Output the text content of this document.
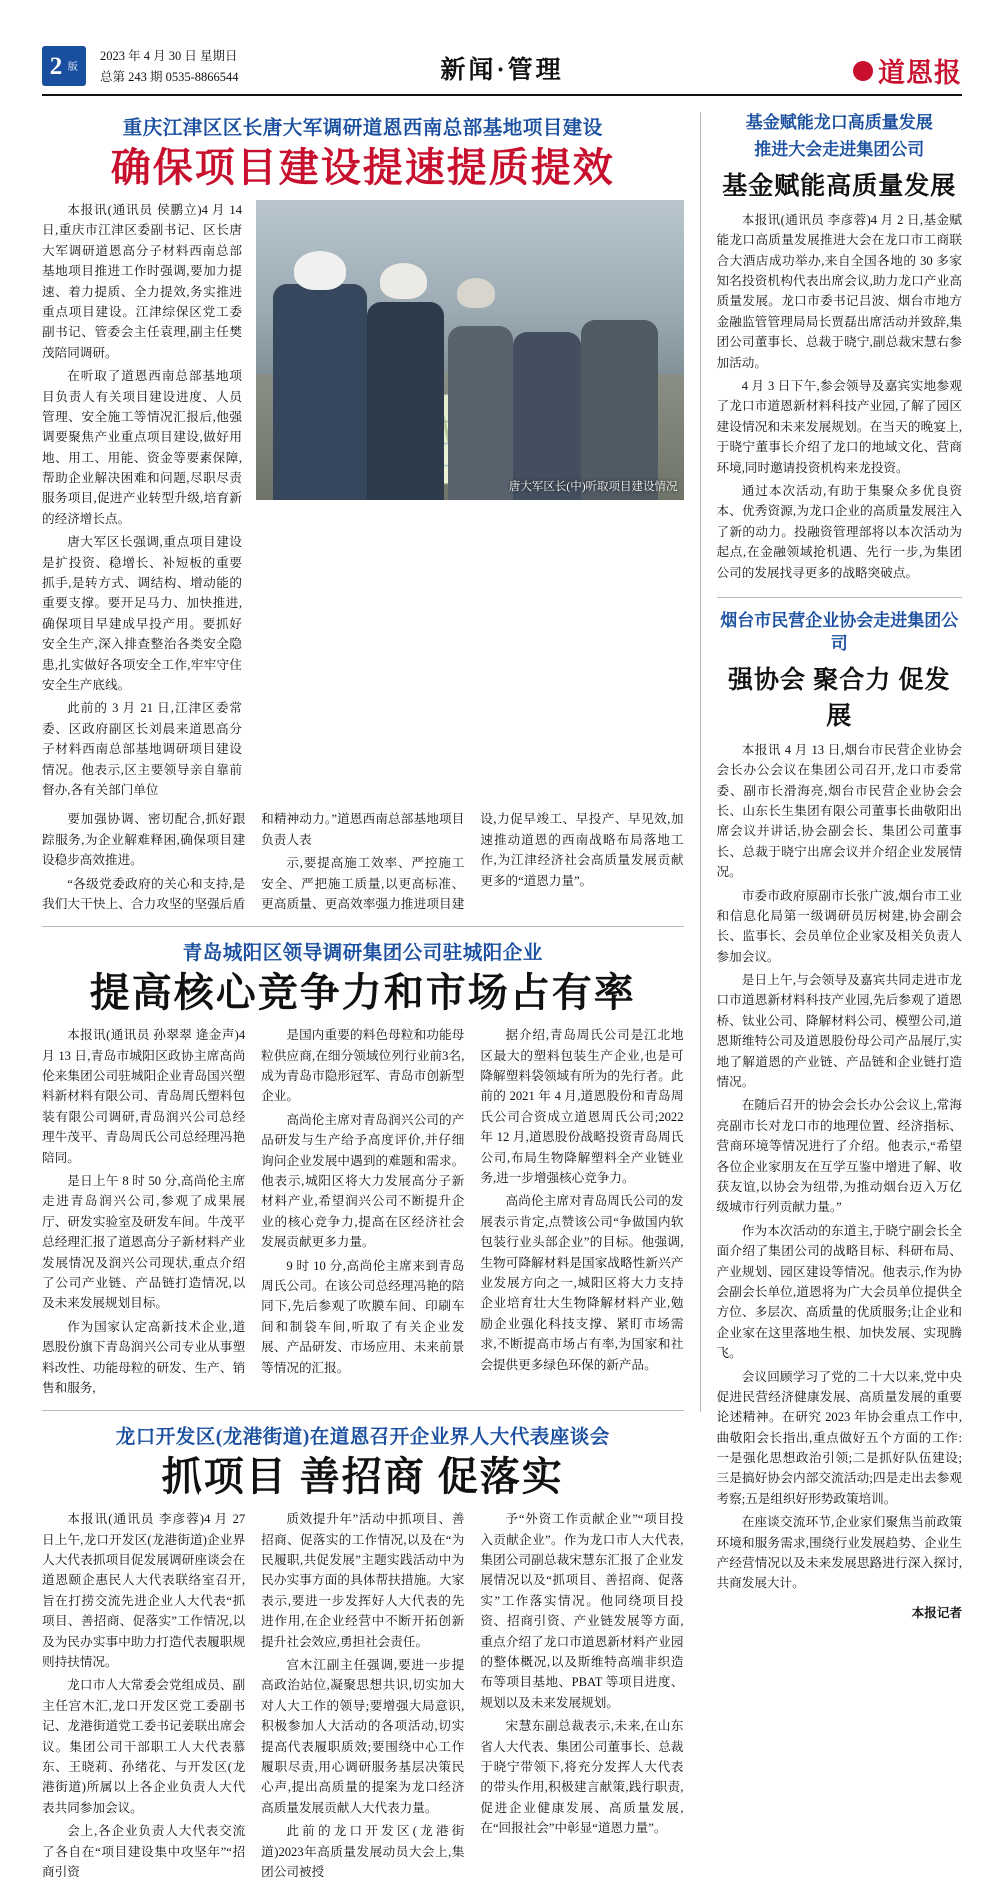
2 版
2023 年 4 月 30 日 星期日
总第 243 期 0535-8866544	新闻·管理	道恩报
重庆江津区区长唐大军调研道恩西南总部基地项目建设
确保项目建设提速提质提效

本报讯(通讯员 侯鹏立)4 月 14 日,重庆市江津区委副书记、区长唐大军调研道恩高分子材料西南总部基地项目推进工作时强调,要加力提速、着力提质、全力提效,务实推进重点项目建设。江津综保区党工委副书记、管委会主任袁理,副主任樊茂陪同调研。

在听取了道恩西南总部基地项目负责人有关项目建设进度、人员管理、安全施工等情况汇报后,他强调要聚焦产业重点项目建设,做好用地、用工、用能、资金等要素保障,帮助企业解决困难和问题,尽职尽责服务项目,促进产业转型升级,培育新的经济增长点。

唐大军区长强调,重点项目建设是扩投资、稳增长、补短板的重要抓手,是转方式、调结构、增动能的重要支撑。要开足马力、加快推进,确保项目早建成早投产用。要抓好安全生产,深入排查整治各类安全隐患,扎实做好各项安全工作,牢牢守住安全生产底线。

此前的 3 月 21 日,江津区委常委、区政府副区长刘晨来道恩高分子材料西南总部基地调研项目建设情况。他表示,区主要领导亲自靠前督办,各有关部门单位

唐大军区长(中)听取项目建设情况

要加强协调、密切配合,抓好跟踪服务,为企业解难释困,确保项目建设稳步高效推进。

“各级党委政府的关心和支持,是我们大干快上、合力攻坚的坚强后盾和精神动力。”道恩西南总部基地项目负责人表

示,要提高施工效率、严控施工安全、严把施工质量,以更高标准、更高质量、更高效率强力推进项目建设,力促早竣工、早投产、早见效,加速推动道恩的西南战略布局落地工作,为江津经济社会高质量发展贡献更多的“道恩力量”。

青岛城阳区领导调研集团公司驻城阳企业
提高核心竞争力和市场占有率

本报讯(通讯员 孙翠翠 逄金声)4 月 13 日,青岛市城阳区政协主席高尚伦来集团公司驻城阳企业青岛国兴塑料新材料有限公司、青岛周氏塑料包装有限公司调研,青岛润兴公司总经理牛茂平、青岛周氏公司总经理冯艳陪同。

是日上午 8 时 50 分,高尚伦主席走进青岛润兴公司,参观了成果展厅、研发实验室及研发车间。牛茂平总经理汇报了道恩高分子新材料产业发展情况及润兴公司现状,重点介绍了公司产业链、产品链打造情况,以及未来发展规划目标。

作为国家认定高新技术企业,道恩股份旗下青岛润兴公司专业从事塑料改性、功能母粒的研发、生产、销售和服务,

是国内重要的料色母粒和功能母粒供应商,在细分领域位列行业前3名,成为青岛市隐形冠军、青岛市创新型企业。

高尚伦主席对青岛润兴公司的产品研发与生产给予高度评价,并仔细询问企业发展中遇到的难题和需求。他表示,城阳区将大力发展高分子新材料产业,希望润兴公司不断提升企业的核心竞争力,提高在区经济社会发展贡献更多力量。

9 时 10 分,高尚伦主席来到青岛周氏公司。在该公司总经理冯艳的陪同下,先后参观了吹膜车间、印刷车间和制袋车间,听取了有关企业发展、产品研发、市场应用、未来前景等情况的汇报。

据介绍,青岛周氏公司是江北地区最大的塑料包装生产企业,也是可降解塑料袋领域有所为的先行者。此前的 2021 年 4 月,道恩股份和青岛周氏公司合资成立道恩周氏公司;2022 年 12 月,道恩股份战略投资青岛周氏公司,布局生物降解塑料全产业链业务,进一步增强核心竞争力。

高尚伦主席对青岛周氏公司的发展表示肯定,点赞该公司“争做国内软包装行业头部企业”的目标。他强调,生物可降解材料是国家战略性新兴产业发展方向之一,城阳区将大力支持企业培育壮大生物降解材料产业,勉励企业强化科技支撑、紧盯市场需求,不断提高市场占有率,为国家和社会提供更多绿色环保的新产品。

龙口开发区(龙港街道)在道恩召开企业界人大代表座谈会
抓项目 善招商 促落实

本报讯(通讯员 李彦蓉)4 月 27 日上午,龙口开发区(龙港街道)企业界人大代表抓项目促发展调研座谈会在道恩颐企惠民人大代表联络室召开,旨在打捞交流先进企业人大代表“抓项目、善招商、促落实”工作情况,以及为民办实事中助力打造代表履职规则持扶情况。

龙口市人大常委会党组成员、副主任宫木汇,龙口开发区党工委副书记、龙港街道党工委书记姜联出席会议。集团公司干部职工人大代表慕东、王晓莉、孙绪花、与开发区(龙港街道)所属以上各企业负责人大代表共同参加会议。

会上,各企业负责人大代表交流了各自在“项目建设集中攻坚年”“招商引资

质效提升年”活动中抓项目、善招商、促落实的工作情况,以及在“为民履职,共促发展”主题实践活动中为民办实事方面的具体帮扶措施。大家表示,要进一步发挥好人大代表的先进作用,在企业经营中不断开拓创新提升社会效应,勇担社会责任。

宫木江副主任强调,要进一步提高政治站位,凝聚思想共识,切实加大对人大工作的领导;要增强大局意识,积极参加人大活动的各项活动,切实提高代表履职质效;要围绕中心工作履职尽责,用心调研服务基层决策民心声,提出高质量的提案为龙口经济高质量发展贡献人大代表力量。

此前的龙口开发区(龙港街道)2023年高质量发展动员大会上,集团公司被授

予“外资工作贡献企业”“项目投入贡献企业”。作为龙口市人大代表,集团公司副总裁宋慧东汇报了企业发展情况以及“抓项目、善招商、促落实”工作落实情况。他同绕项目投资、招商引资、产业链发展等方面,重点介绍了龙口市道恩新材料产业园的整体概况,以及斯维特高端非织造布等项目基地、PBAT 等项目进度、规划以及未来发展规划。

宋慧东副总裁表示,未来,在山东省人大代表、集团公司董事长、总裁于晓宁带领下,将充分发挥人大代表的带头作用,积极建言献策,践行职责,促进企业健康发展、高质量发展,在“回报社会”中彰显“道恩力量”。

基金赋能龙口高质量发展
推进大会走进集团公司
基金赋能高质量发展

本报讯(通讯员 李彦蓉)4 月 2 日,基金赋能龙口高质量发展推进大会在龙口市工商联合大酒店成功举办,来自全国各地的 30 多家知名投资机构代表出席会议,助力龙口产业高质量发展。龙口市委书记吕波、烟台市地方金融监管管理局局长贾磊出席活动并致辞,集团公司董事长、总裁于晓宁,副总裁宋慧右参加活动。

4 月 3 日下午,参会领导及嘉宾实地参观了龙口市道恩新材料科技产业园,了解了园区建设情况和未来发展规划。在当天的晚宴上,于晓宁董事长介绍了龙口的地域文化、营商环境,同时邀请投资机构来龙投资。

通过本次活动,有助于集聚众多优良资本、优秀资源,为龙口企业的高质量发展注入了新的动力。投融资管理部将以本次活动为起点,在金融领域抢机遇、先行一步,为集团公司的发展找寻更多的战略突破点。

烟台市民营企业协会走进集团公司
强协会 聚合力 促发展

本报讯 4 月 13 日,烟台市民营企业协会会长办公会议在集团公司召开,龙口市委常委、副市长滑海亮,烟台市民营企业协会会长、山东长生集团有限公司董事长曲敬阳出席会议并讲话,协会副会长、集团公司董事长、总裁于晓宁出席会议并介绍企业发展情况。

市委市政府原副市长张广波,烟台市工业和信息化局第一级调研员厉树建,协会副会长、监事长、会员单位企业家及相关负责人参加会议。

是日上午,与会领导及嘉宾共同走进市龙口市道恩新材料科技产业园,先后参观了道恩桥、钛业公司、降解材料公司、模塑公司,道恩斯维特公司及道恩股份母公司产品展厅,实地了解道恩的产业链、产品链和企业链打造情况。

在随后召开的协会会长办公会议上,常海亮副市长对龙口市的地理位置、经济指标、营商环境等情况进行了介绍。他表示,“希望各位企业家朋友在互学互鉴中增进了解、收获友谊,以协会为纽带,为推动烟台迈入万亿级城市行列贡献力量。”

作为本次活动的东道主,于晓宁副会长全面介绍了集团公司的战略目标、科研布局、产业规划、园区建设等情况。他表示,作为协会副会长单位,道恩将为广大会员单位提供全方位、多层次、高质量的优质服务;让企业和企业家在这里落地生根、加快发展、实现腾飞。

会议回顾学习了党的二十大以来,党中央促进民营经济健康发展、高质量发展的重要论述精神。在研究 2023 年协会重点工作中,曲敬阳会长指出,重点做好五个方面的工作:一是强化思想政治引领;二是抓好队伍建设;三是搞好协会内部交流活动;四是走出去参观考察;五是组织好形势政策培训。

在座谈交流环节,企业家们聚焦当前政策环境和服务需求,围绕行业发展趋势、企业生产经营情况以及未来发展思路进行深入探讨,共商发展大计。

本报记者
